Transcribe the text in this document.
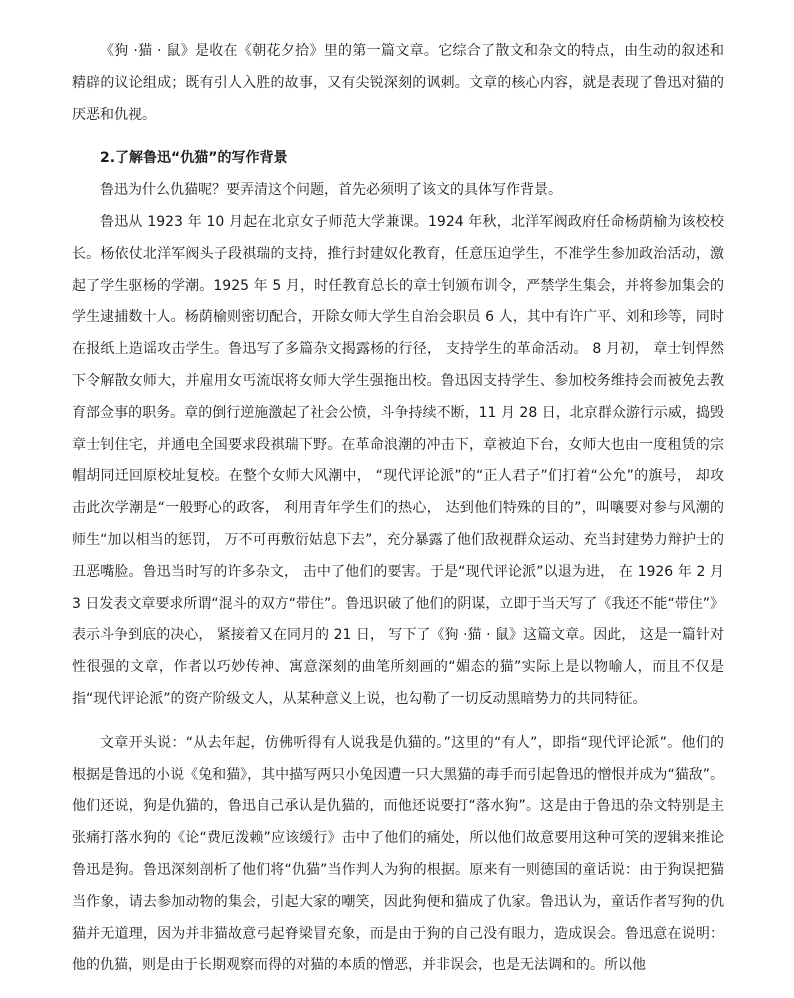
《狗 ·猫 · 鼠》是收在《朝花夕拾》里的第一篇文章。它综合了散文和杂文的特点，由生动的叙述和精辟的议论组成；既有引人入胜的故事，又有尖锐深刻的讽刺。文章的核心内容，就是表现了鲁迅对猫的厌恶和仇视。

2.了解鲁迅“仇猫”的写作背景

鲁迅为什么仇猫呢？要弄清这个问题，首先必须明了该文的具体写作背景。

鲁迅从 1923 年 10 月起在北京女子师范大学兼课。1924 年秋，北洋军阀政府任命杨荫榆为该校校长。杨依仗北洋军阀头子段祺瑞的支持，推行封建奴化教育，任意压迫学生，不准学生参加政治活动，激起了学生驱杨的学潮。1925 年 5 月，时任教育总长的章士钊颁布训令，严禁学生集会，并将参加集会的学生逮捕数十人。杨荫榆则密切配合，开除女师大学生自治会职员 6 人，其中有许广平、刘和珍等，同时在报纸上造谣攻击学生。鲁迅写了多篇杂文揭露杨的行径， 支持学生的革命活动。 8 月初， 章士钊悍然下令解散女师大，并雇用女丐流氓将女师大学生强拖出校。鲁迅因支持学生、参加校务维持会而被免去教育部佥事的职务。章的倒行逆施激起了社会公愤，斗争持续不断，11 月 28 日，北京群众游行示威，捣毁章士钊住宅，并通电全国要求段祺瑞下野。在革命浪潮的冲击下，章被迫下台，女师大也由一度租赁的宗帽胡同迁回原校址复校。在整个女师大风潮中， “现代评论派”的“正人君子”们打着“公允”的旗号， 却攻击此次学潮是“一般野心的政客， 利用青年学生们的热心， 达到他们特殊的目的”，叫嚷要对参与风潮的师生“加以相当的惩罚， 万不可再敷衍姑息下去”，充分暴露了他们敌视群众运动、充当封建势力辩护士的丑恶嘴脸。鲁迅当时写的许多杂文， 击中了他们的要害。于是“现代评论派”以退为进， 在 1926 年 2 月 3 日发表文章要求所谓“混斗的双方“带住”。鲁迅识破了他们的阴谋，立即于当天写了《我还不能“带住”》表示斗争到底的决心， 紧接着又在同月的 21 日， 写下了《狗 ·猫 · 鼠》这篇文章。因此， 这是一篇针对性很强的文章，作者以巧妙传神、寓意深刻的曲笔所刻画的“媚态的猫”实际上是以物喻人，而且不仅是指“现代评论派”的资产阶级文人，从某种意义上说，也勾勒了一切反动黑暗势力的共同特征。

文章开头说：“从去年起，仿佛听得有人说我是仇猫的。”这里的“有人”，即指“现代评论派”。他们的根据是鲁迅的小说《兔和猫》，其中描写两只小兔因遭一只大黑猫的毒手而引起鲁迅的憎恨并成为“猫敌”。他们还说，狗是仇猫的，鲁迅自己承认是仇猫的，而他还说要打“落水狗”。这是由于鲁迅的杂文特别是主张痛打落水狗的《论“费厄泼赖”应该缓行》击中了他们的痛处，所以他们故意要用这种可笑的逻辑来推论鲁迅是狗。鲁迅深刻剖析了他们将“仇猫”当作判人为狗的根据。原来有一则德国的童话说：由于狗误把猫当作象，请去参加动物的集会，引起大家的嘲笑，因此狗便和猫成了仇家。鲁迅认为，童话作者写狗的仇猫并无道理，因为并非猫故意弓起脊梁冒充象，而是由于狗的自己没有眼力，造成误会。鲁迅意在说明：他的仇猫，则是由于长期观察而得的对猫的本质的憎恶，并非误会，也是无法调和的。所以他
